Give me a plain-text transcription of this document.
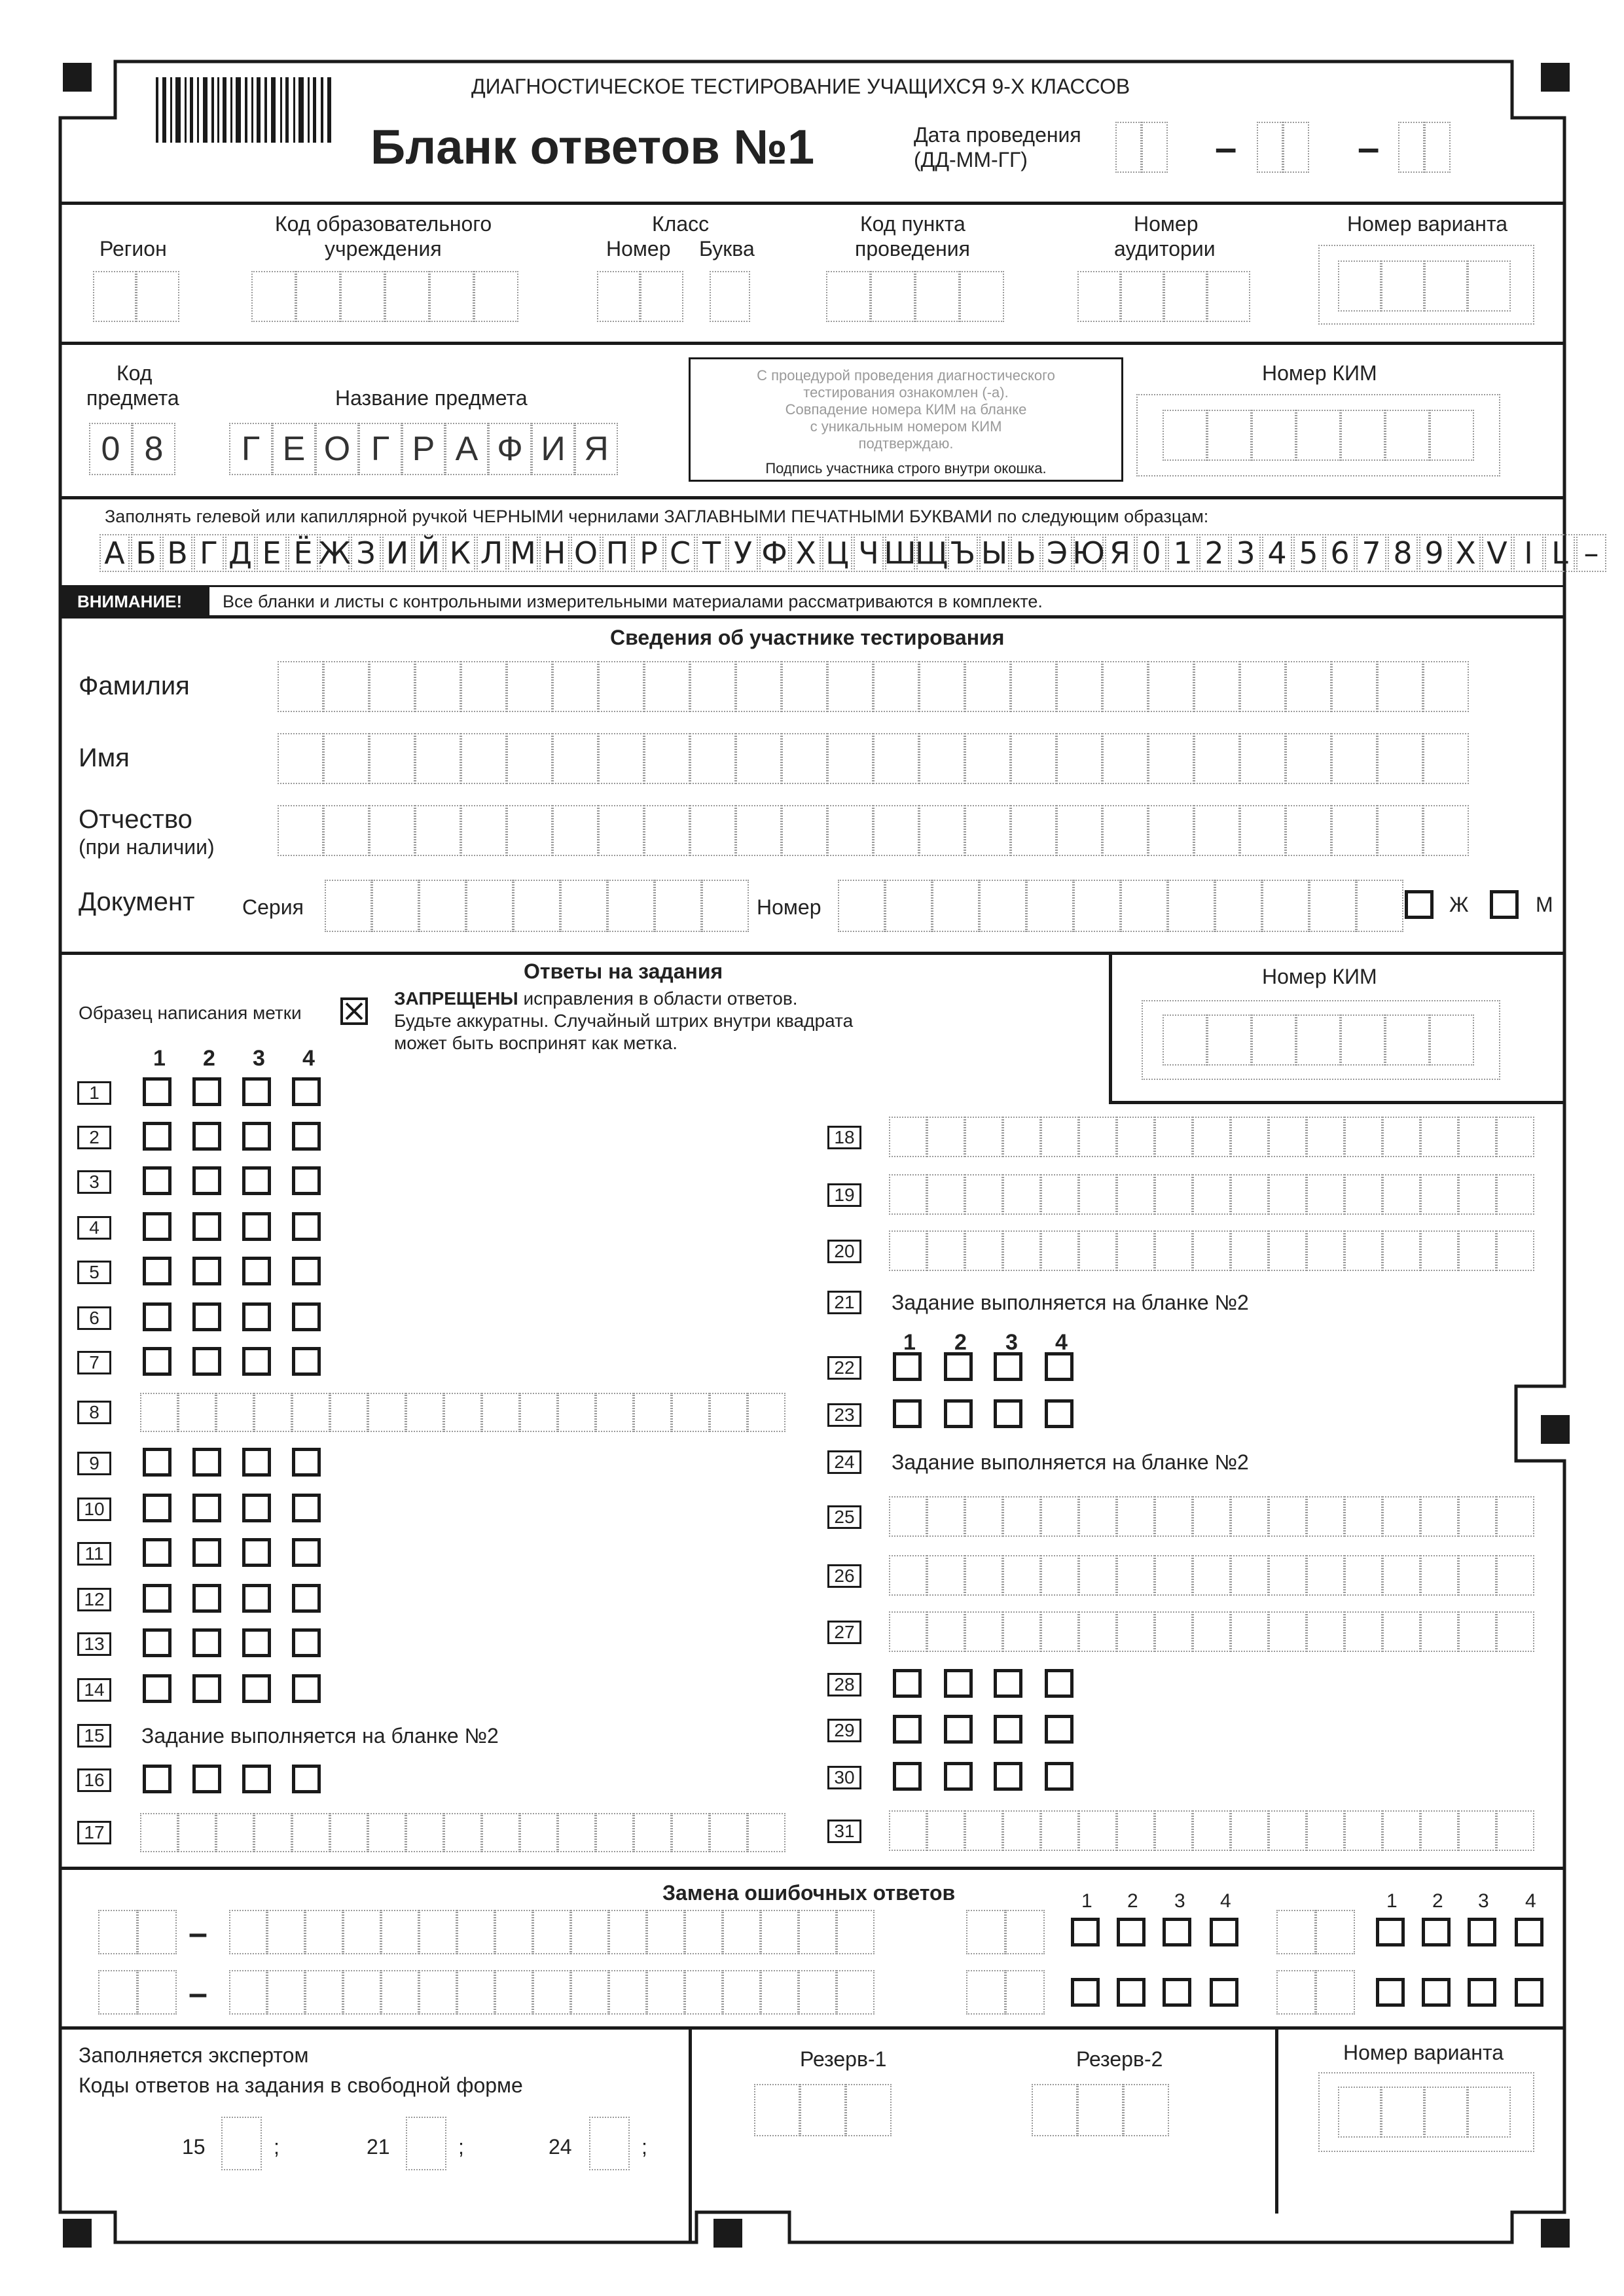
ДИАГНОСТИЧЕСКОЕ ТЕСТИРОВАНИЕ УЧАЩИХСЯ 9-Х КЛАССОВ
Бланк ответов №1	Дата проведения
(ДД-ММ-ГГ)	–	–
Регион
Код образовательного
учреждения
Класс
Номер Буква
Код пункта
проведения
Номер
аудитории
Номер варианта
Код
предмета	Название предмета
0 8	Г Е О Г Р А Ф И Я
С процедурой проведения диагностического
тестирования ознакомлен (-а).
Совпадение номера КИМ на бланке
с уникальным номером КИМ
подтверждаю.
Подпись участника строго внутри окошка.
Номер КИМ
Заполнять гелевой или капиллярной ручкой ЧЕРНЫМИ чернилами ЗАГЛАВНЫМИ ПЕЧАТНЫМИ БУКВАМИ по следующим образцам:
А Б В Г Д Е Ё Ж З И Й К Л М Н О П Р С Т У Ф Х Ц Ч Ш
Щ Ъ Ы Ь Э Ю Я 0 1 2 3 4 5 6 7 8 9 X V I L –
ВНИМАНИЕ! Все бланки и листы с контрольными измерительными материалами рассматриваются в комплекте.
Сведения об участнике тестирования
Фамилия
Имя
Отчество
(при наличии)
Документ Серия	Номер	Ж	М
Ответы на задания
Образец написания метки
ЗАПРЕЩЕНЫ исправления в области ответов.
Будьте аккуратны. Случайный штрих внутри квадрата
может быть воспринят как метка.
Номер КИМ
1 2 3 4
1
2
3
4
5
6
7
8
9
10
11
12
13
14
15	Задание выполняется на бланке №2
16
17
18
19
20
21	Задание выполняется на бланке №2
22
23
24	Задание выполняется на бланке №2
25
26
27
28
29
30
31
1 2 3 4
Замена ошибочных ответов	1 2 3 4	1 2 3 4
–
–
Заполняется экспертом
Коды ответов на задания в свободной форме
15	;	21	;	24	;
Резерв-1	Резерв-2	Номер варианта
